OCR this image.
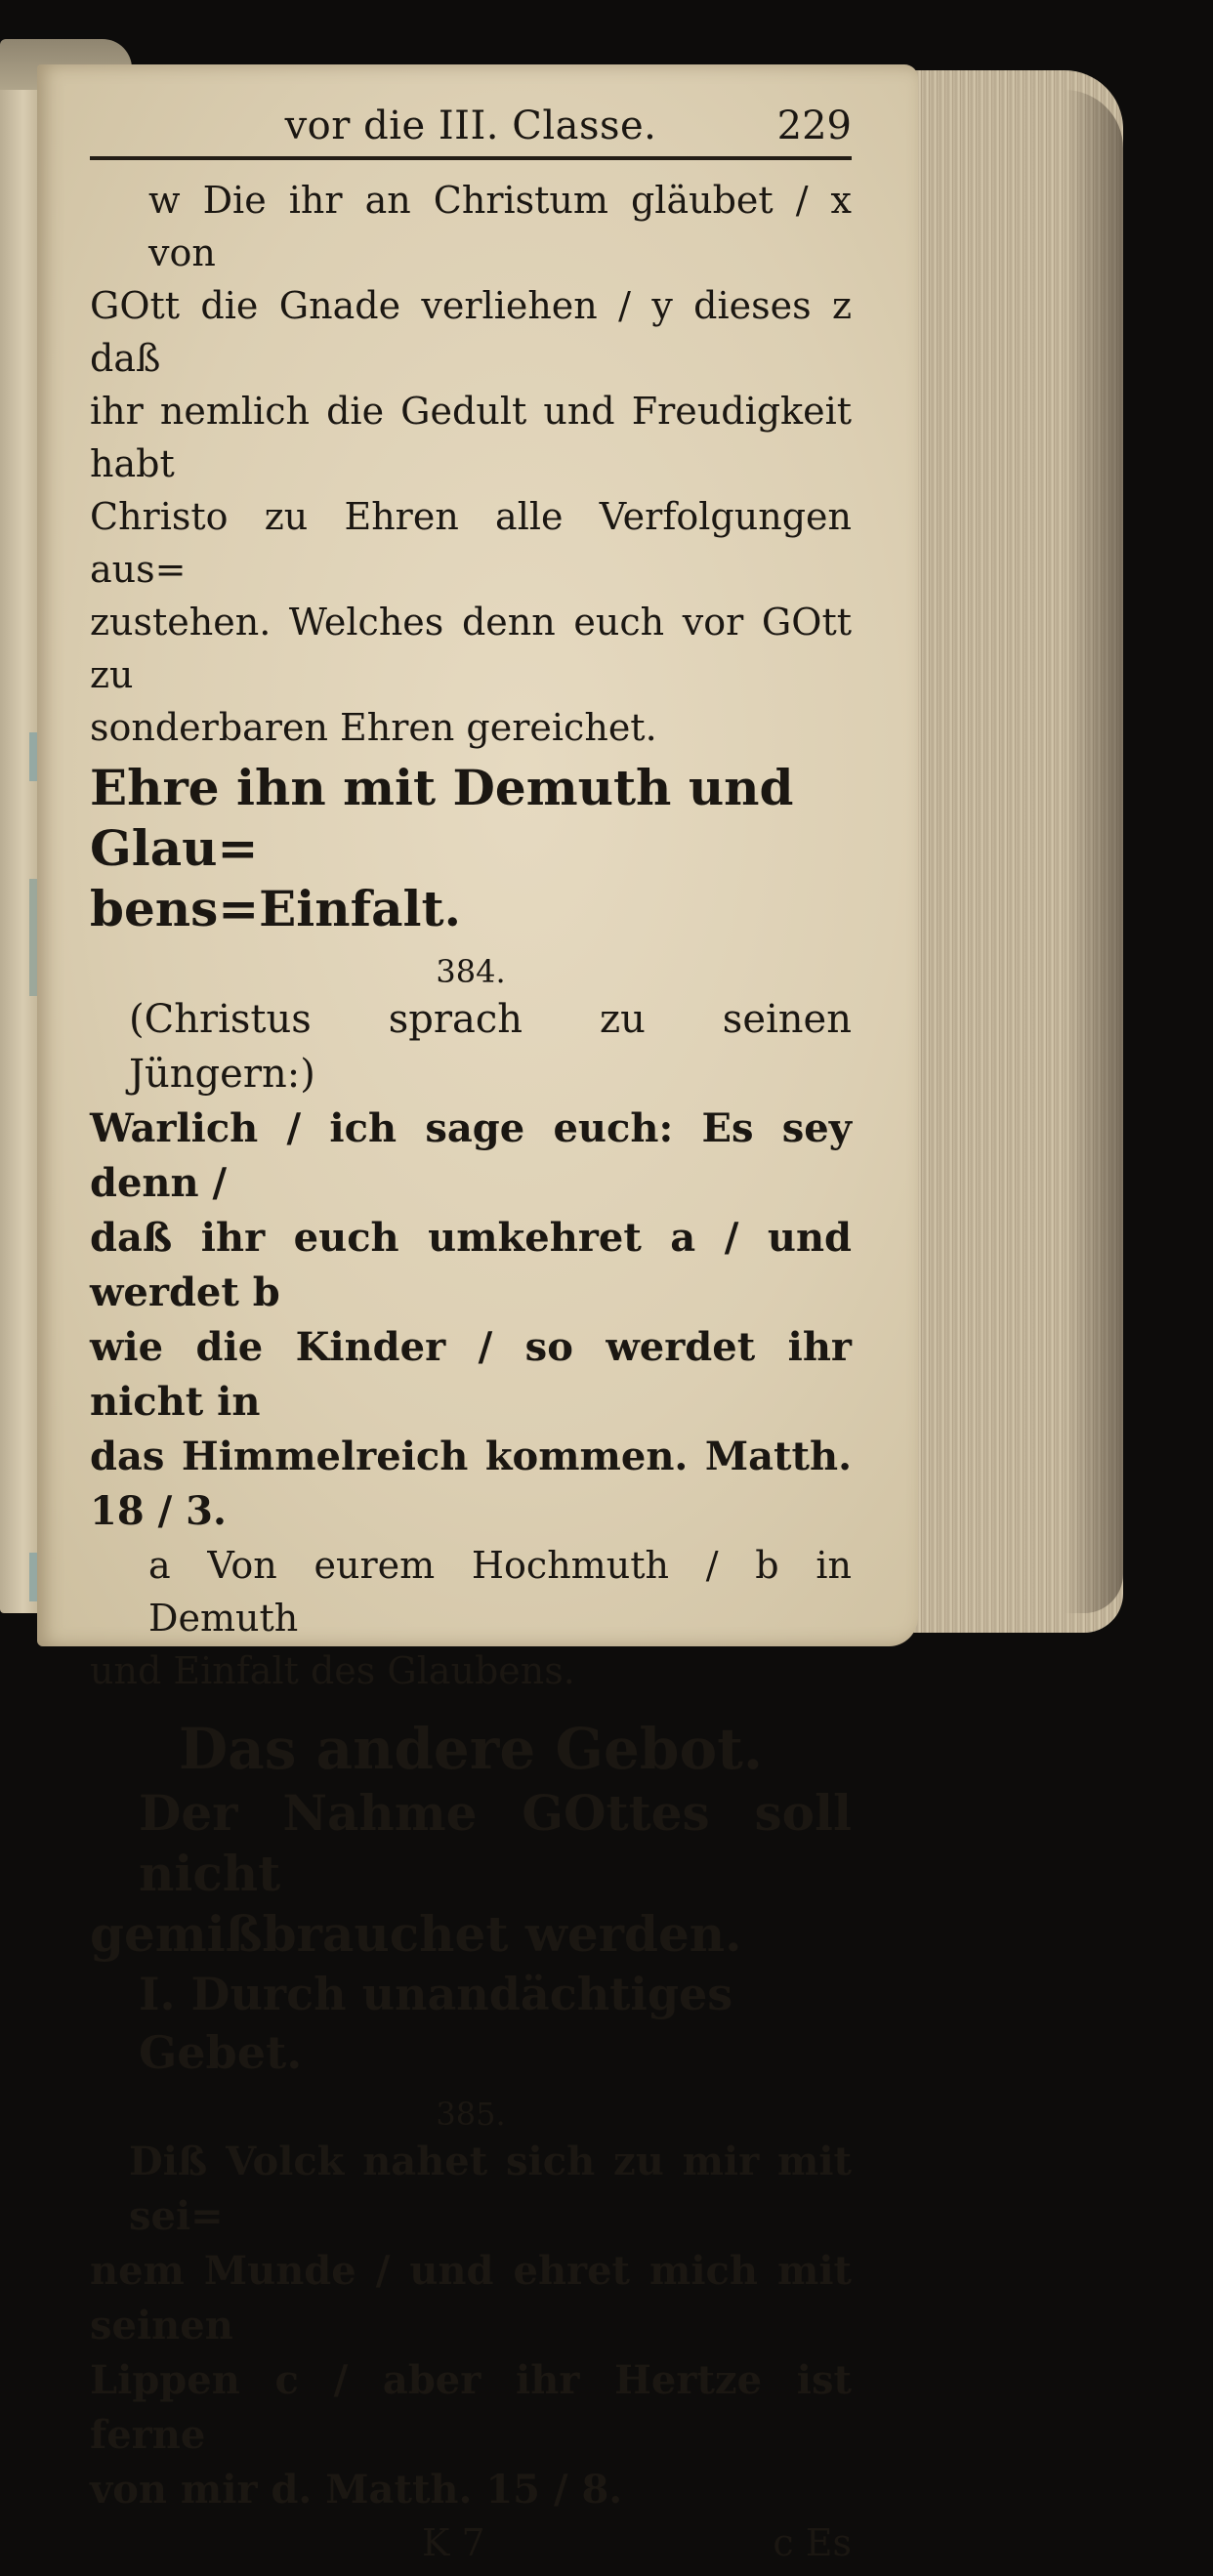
vor die III. Classe.	229

w Die ihr an Christum gläubet / x von

GOtt die Gnade verliehen / y dieses z daß

ihr nemlich die Gedult und Freudigkeit habt

Christo zu Ehren alle Verfolgungen aus=

zustehen. Welches denn euch vor GOtt zu

sonderbaren Ehren gereichet.

Ehre ihn mit Demuth und Glau=

bens=Einfalt.

384.

(Christus sprach zu seinen Jüngern:)

Warlich / ich sage euch: Es sey denn /

daß ihr euch umkehret a / und werdet b

wie die Kinder / so werdet ihr nicht in

das Himmelreich kommen. Matth. 18 / 3.

a Von eurem Hochmuth / b in Demuth

und Einfalt des Glaubens.

Das andere Gebot.

Der Nahme GOttes soll nicht

gemißbrauchet werden.

I. Durch unandächtiges Gebet.
385.

Diß Volck nahet sich zu mir mit sei=

nem Munde / und ehret mich mit seinen

Lippen c / aber ihr Hertze ist ferne

von mir d. Matth. 15 / 8.

K 7	c Es
